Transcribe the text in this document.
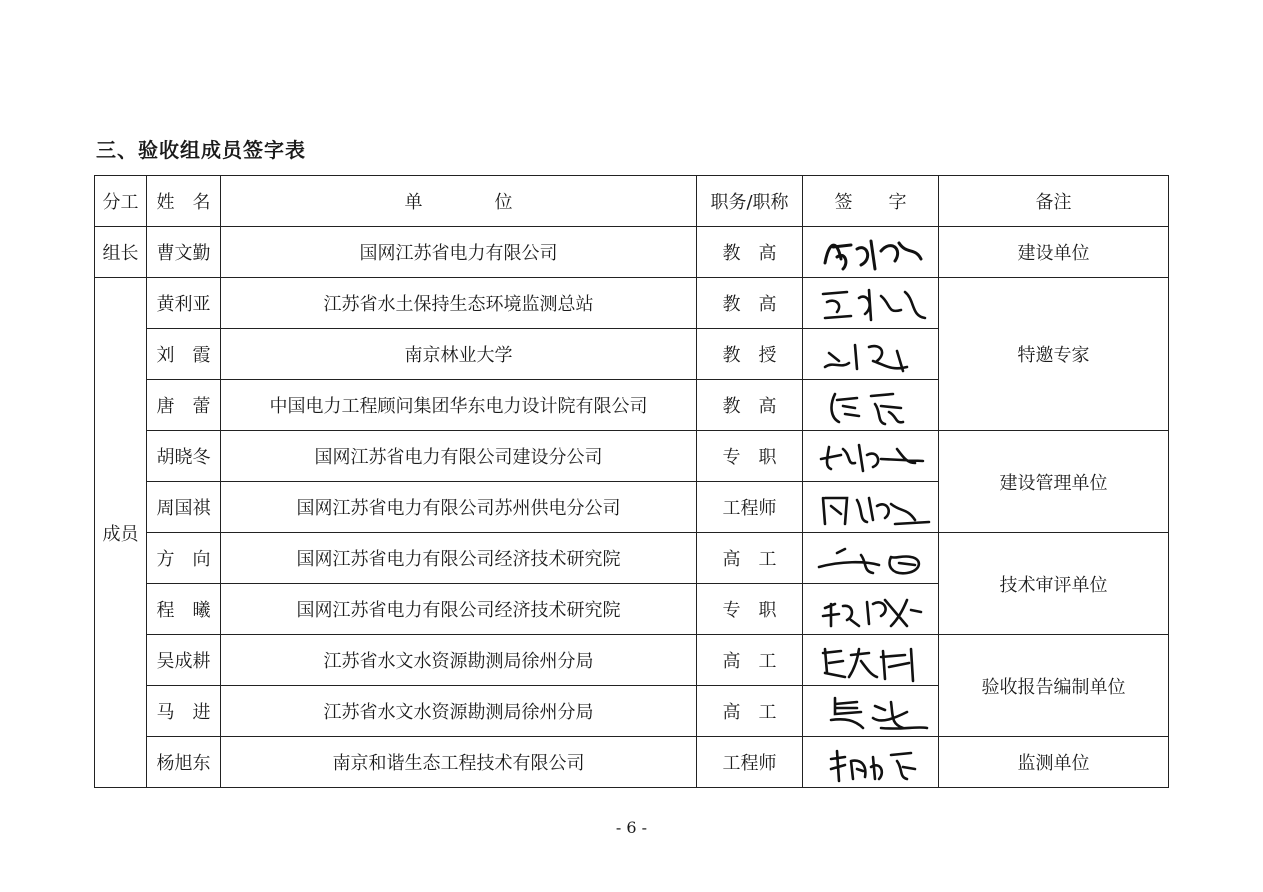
三、验收组成员签字表
分工	姓　名	单　　　　位	职务/职称	签　　字	备注
组长	曹文勤	国网江苏省电力有限公司	教　高		建设单位
成员	黄利亚	江苏省水土保持生态环境监测总站	教　高		特邀专家
	刘　霞	南京林业大学	教　授	

	唐　蕾	中国电力工程顾问集团华东电力设计院有限公司	教　高	

	胡晓冬	国网江苏省电力有限公司建设分公司	专　职		建设管理单位
	周国祺	国网江苏省电力有限公司苏州供电分公司	工程师	

	方　向	国网江苏省电力有限公司经济技术研究院	高　工		技术审评单位
	程　曦	国网江苏省电力有限公司经济技术研究院	专　职	

	吴成耕	江苏省水文水资源勘测局徐州分局	高　工		验收报告编制单位
	马　进	江苏省水文水资源勘测局徐州分局	高　工	

	杨旭东	南京和谐生态工程技术有限公司	工程师		监测单位
- 6 -
